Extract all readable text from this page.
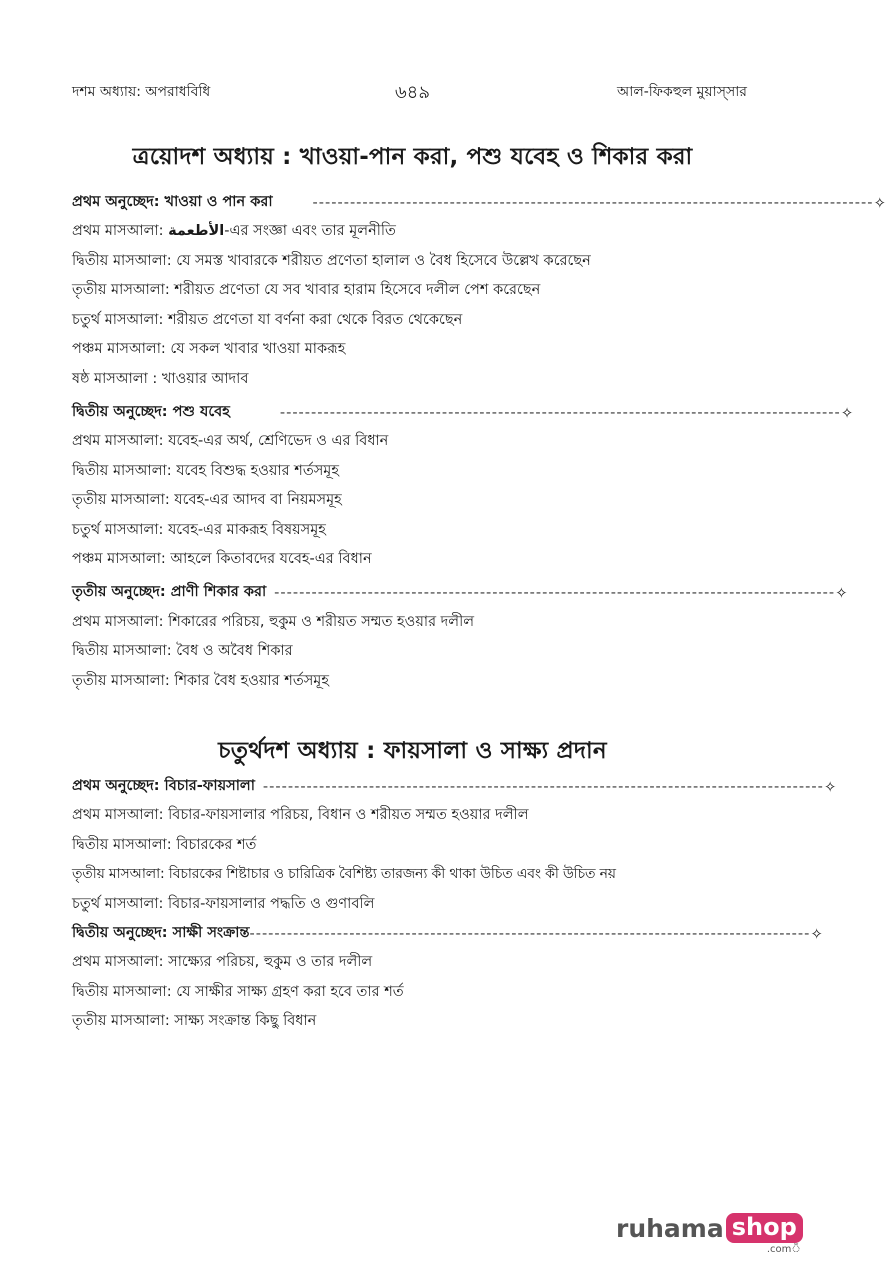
দশম অধ্যায়: অপরাধবিধি	৬৪৯	আল-ফিকহুল মুয়াস্সার
ত্রয়োদশ অধ্যায় : খাওয়া-পান করা, পশু যবেহ ও শিকার করা
প্রথম অনুচ্ছেদ: খাওয়া ও পান করা	------------------------------------------------------------------------------------------ ✧
প্রথম মাসআলা: الأطعمة-এর সংজ্ঞা এবং তার মূলনীতি
দ্বিতীয় মাসআলা: যে সমস্ত খাবারকে শরীয়ত প্রণেতা হালাল ও বৈধ হিসেবে উল্লেখ করেছেন
তৃতীয় মাসআলা: শরীয়ত প্রণেতা যে সব খাবার হারাম হিসেবে দলীল পেশ করেছেন
চতুর্থ মাসআলা: শরীয়ত প্রণেতা যা বর্ণনা করা থেকে বিরত থেকেছেন
পঞ্চম মাসআলা: যে সকল খাবার খাওয়া মাকরূহ
ষষ্ঠ মাসআলা : খাওয়ার আদাব
দ্বিতীয় অনুচ্ছেদ: পশু যবেহ	------------------------------------------------------------------------------------------ ✧
প্রথম মাসআলা: যবেহ-এর অর্থ, শ্রেণিভেদ ও এর বিধান
দ্বিতীয় মাসআলা: যবেহ বিশুদ্ধ হওয়ার শর্তসমূহ
তৃতীয় মাসআলা: যবেহ-এর আদব বা নিয়মসমূহ
চতুর্থ মাসআলা: যবেহ-এর মাকরূহ বিষয়সমূহ
পঞ্চম মাসআলা: আহলে কিতাবদের যবেহ-এর বিধান
তৃতীয় অনুচ্ছেদ: প্রাণী শিকার করা ------------------------------------------------------------------------------------------ ✧
প্রথম মাসআলা: শিকারের পরিচয়, হুকুম ও শরীয়ত সম্মত হওয়ার দলীল
দ্বিতীয় মাসআলা: বৈধ ও অবৈধ শিকার
তৃতীয় মাসআলা: শিকার বৈধ হওয়ার শর্তসমূহ
চতুর্থদশ অধ্যায় : ফায়সালা ও সাক্ষ্য প্রদান
প্রথম অনুচ্ছেদ: বিচার-ফায়সালা ------------------------------------------------------------------------------------------ ✧
প্রথম মাসআলা: বিচার-ফায়সালার পরিচয়, বিধান ও শরীয়ত সম্মত হওয়ার দলীল
দ্বিতীয় মাসআলা: বিচারকের শর্ত
তৃতীয় মাসআলা: বিচারকের শিষ্টাচার ও চারিত্রিক বৈশিষ্ট্য তারজন্য কী থাকা উচিত এবং কী উচিত নয়
চতুর্থ মাসআলা: বিচার-ফায়সালার পদ্ধতি ও গুণাবলি
দ্বিতীয় অনুচ্ছেদ: সাক্ষী সংক্রান্ত ------------------------------------------------------------------------------------------ ✧
প্রথম মাসআলা: সাক্ষ্যের পরিচয়, হুকুম ও তার দলীল
দ্বিতীয় মাসআলা: যে সাক্ষীর সাক্ষ্য গ্রহণ করা হবে তার শর্ত
তৃতীয় মাসআলা: সাক্ষ্য সংক্রান্ত কিছু বিধান
ruhama shop
.comঁ
